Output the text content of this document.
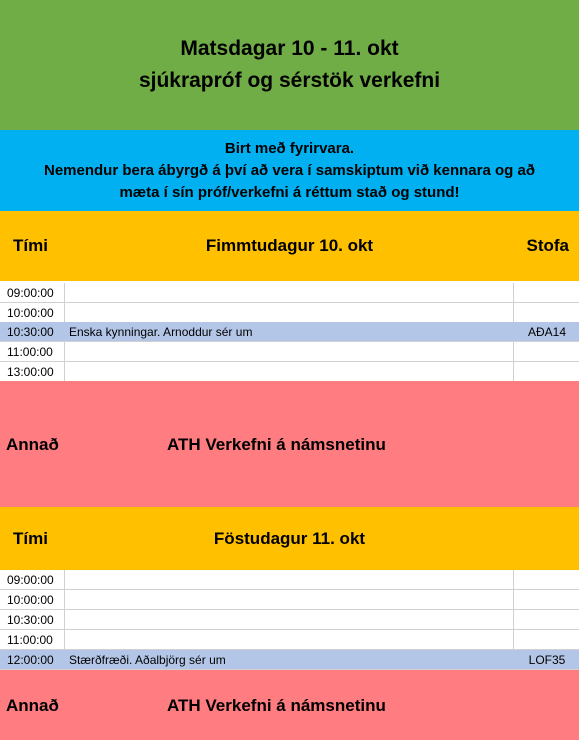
Matsdagar 10 - 11. okt
sjúkrapróf og sérstök verkefni
Birt með fyrirvara.
Nemendur bera ábyrgð á því að vera í samskiptum við kennara og að
mæta í sín próf/verkefni á réttum stað og stund!
Fimmtudagur 10. okt
Tími	Stofa
09:00:00
10:00:00
10:30:00 Enska kynningar. Arnoddur sér um	AÐA14
11:00:00
13:00:00
Annað	ATH Verkefni á námsnetinu
Föstudagur 11. okt
Tími
09:00:00
10:00:00
10:30:00
11:00:00
12:00:00 Stærðfræði. Aðalbjörg sér um	LOF35
Annað	ATH Verkefni á námsnetinu
